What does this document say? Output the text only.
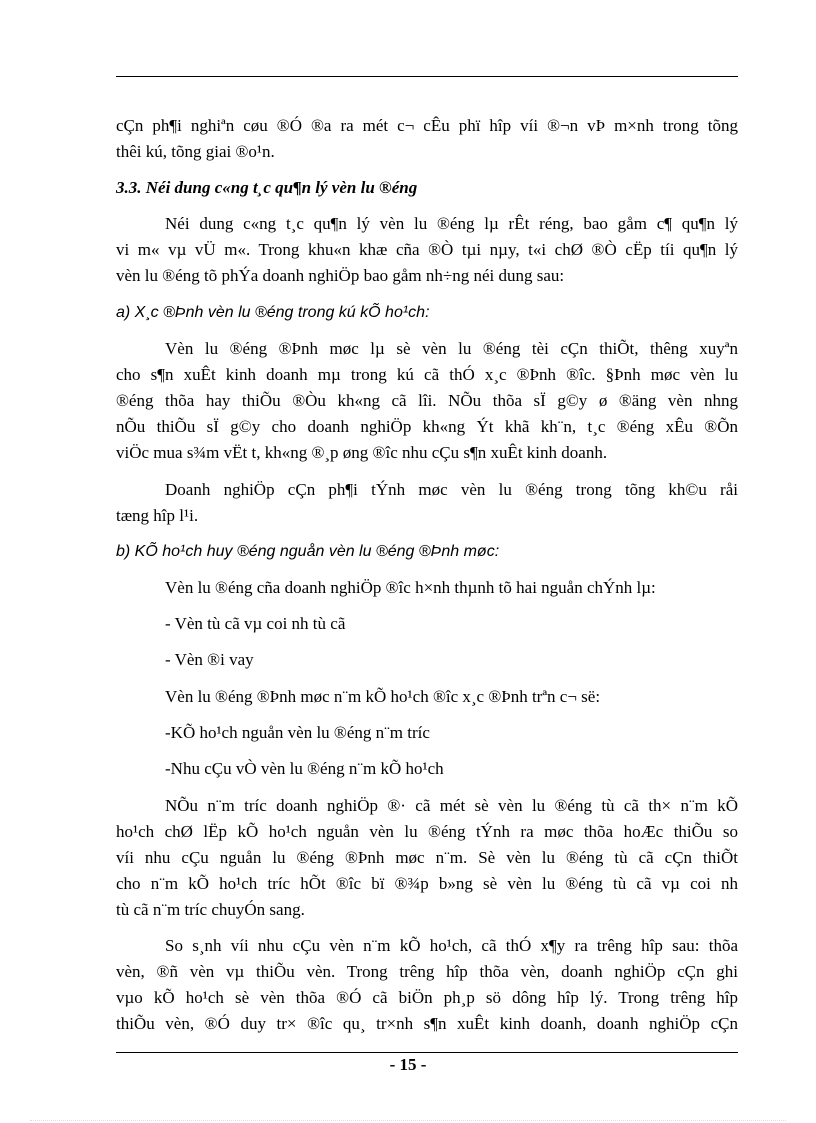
cÇn ph¶i nghiªn cøu ®Ó ®a ra mét c¬ cÊu phï hîp víi ®¬n vÞ m×nh trong tõng
thêi kú, tõng giai ®o¹n.
3.3. Néi dung c«ng t¸c qu¶n lý vèn lu ®éng
Néi dung c«ng t¸c qu¶n lý vèn lu ®éng lµ rÊt réng, bao gåm c¶ qu¶n lý
vi m« vµ vÜ m«. Trong khu«n khæ cña ®Ò tµi nµy, t«i chØ ®Ò cËp tíi qu¶n lý
vèn lu ®éng tõ phÝa doanh nghiÖp bao gåm nh÷ng néi dung sau:
a) X¸c ®Þnh vèn lu ®éng trong kú kÕ ho¹ch:
Vèn lu ®éng ®Þnh møc lµ sè vèn lu ®éng tèi cÇn thiÕt, thêng xuyªn
cho s¶n xuÊt kinh doanh mµ trong kú cã thÓ x¸c ®Þnh ®îc. §Þnh møc vèn lu
®éng thõa hay thiÕu ®Òu kh«ng cã lîi. NÕu thõa sÏ g©y ø ®äng vèn nhng
nÕu thiÕu sÏ g©y cho doanh nghiÖp kh«ng Ýt khã kh¨n, t¸c ®éng xÊu ®Õn
viÖc mua s¾m vËt t, kh«ng ®¸p øng ®îc nhu cÇu s¶n xuÊt kinh doanh.
Doanh nghiÖp cÇn ph¶i tÝnh møc vèn lu ®éng trong tõng kh©u råi
tæng hîp l¹i.
b) KÕ ho¹ch huy ®éng nguån vèn lu ®éng ®Þnh møc:
Vèn lu ®éng cña doanh nghiÖp ®îc h×nh thµnh tõ hai nguån chÝnh lµ:
- Vèn tù cã vµ coi nh tù cã
- Vèn ®i vay
Vèn lu ®éng ®Þnh møc n¨m kÕ ho¹ch ®îc x¸c ®Þnh trªn c¬ së:
-KÕ ho¹ch nguån vèn lu ®éng n¨m tríc
-Nhu cÇu vÒ vèn lu ®éng n¨m kÕ ho¹ch
NÕu n¨m tríc doanh nghiÖp ®· cã mét sè vèn lu ®éng tù cã th× n¨m kÕ
ho¹ch chØ lËp kÕ ho¹ch nguån vèn lu ®éng tÝnh ra møc thõa hoÆc thiÕu so
víi nhu cÇu nguån lu ®éng ®Þnh møc n¨m. Sè vèn lu ®éng tù cã cÇn thiÕt
cho n¨m kÕ ho¹ch tríc hÕt ®îc bï ®¾p b»ng sè vèn lu ®éng tù cã vµ coi nh
tù cã n¨m tríc chuyÓn sang.
So s¸nh víi nhu cÇu vèn n¨m kÕ ho¹ch, cã thÓ x¶y ra trêng hîp sau: thõa
vèn, ®ñ vèn vµ thiÕu vèn. Trong trêng hîp thõa vèn, doanh nghiÖp cÇn ghi
vµo kÕ ho¹ch sè vèn thõa ®Ó cã biÖn ph¸p sö dông hîp lý. Trong trêng hîp
thiÕu vèn, ®Ó duy tr× ®îc qu¸ tr×nh s¶n xuÊt kinh doanh, doanh nghiÖp cÇn
- 15 -
